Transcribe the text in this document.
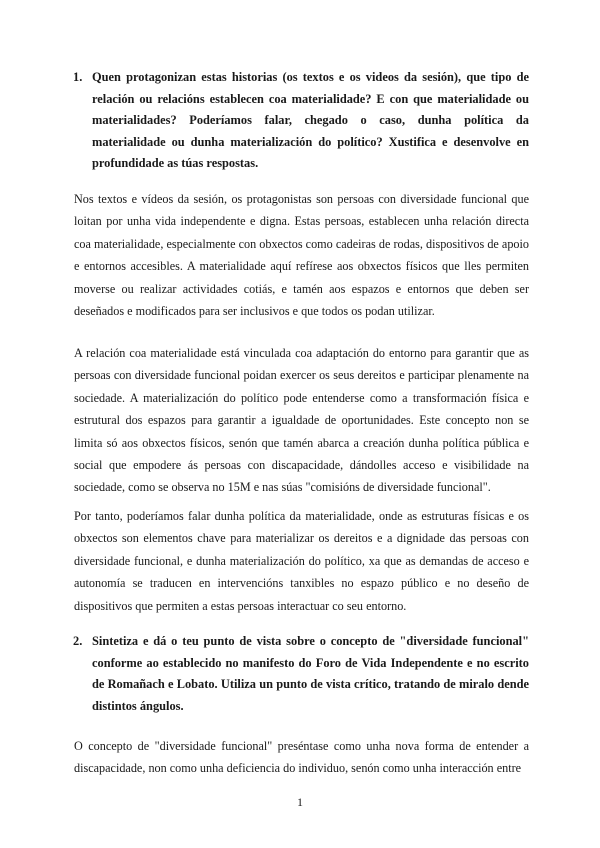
1. Quen protagonizan estas historias (os textos e os videos da sesión), que tipo de relación ou relacións establecen coa materialidade? E con que materialidade ou materialidades? Poderíamos falar, chegado o caso, dunha política da materialidade ou dunha materialización do político? Xustifica e desenvolve en profundidade as túas respostas.
Nos textos e vídeos da sesión, os protagonistas son persoas con diversidade funcional que loitan por unha vida independente e digna. Estas persoas, establecen unha relación directa coa materialidade, especialmente con obxectos como cadeiras de rodas, dispositivos de apoio e entornos accesibles. A materialidade aquí refírese aos obxectos físicos que lles permiten moverse ou realizar actividades cotiás, e tamén aos espazos e entornos que deben ser deseñados e modificados para ser inclusivos e que todos os podan utilizar.
A relación coa materialidade está vinculada coa adaptación do entorno para garantir que as persoas con diversidade funcional poidan exercer os seus dereitos e participar plenamente na sociedade. A materialización do político pode entenderse como a transformación física e estrutural dos espazos para garantir a igualdade de oportunidades. Este concepto non se limita só aos obxectos físicos, senón que tamén abarca a creación dunha política pública e social que empodere ás persoas con discapacidade, dándolles acceso e visibilidade na sociedade, como se observa no 15M e nas súas "comisións de diversidade funcional".
Por tanto, poderíamos falar dunha política da materialidade, onde as estruturas físicas e os obxectos son elementos chave para materializar os dereitos e a dignidade das persoas con diversidade funcional, e dunha materialización do político, xa que as demandas de acceso e autonomía se traducen en intervencións tanxibles no espazo público e no deseño de dispositivos que permiten a estas persoas interactuar co seu entorno.
2. Sintetiza e dá o teu punto de vista sobre o concepto de "diversidade funcional" conforme ao establecido no manifesto do Foro de Vida Independente e no escrito de Romañach e Lobato. Utiliza un punto de vista crítico, tratando de miralo dende distintos ángulos.
O concepto de "diversidade funcional" preséntase como unha nova forma de entender a discapacidade, non como unha deficiencia do individuo, senón como unha interacción entre
1
